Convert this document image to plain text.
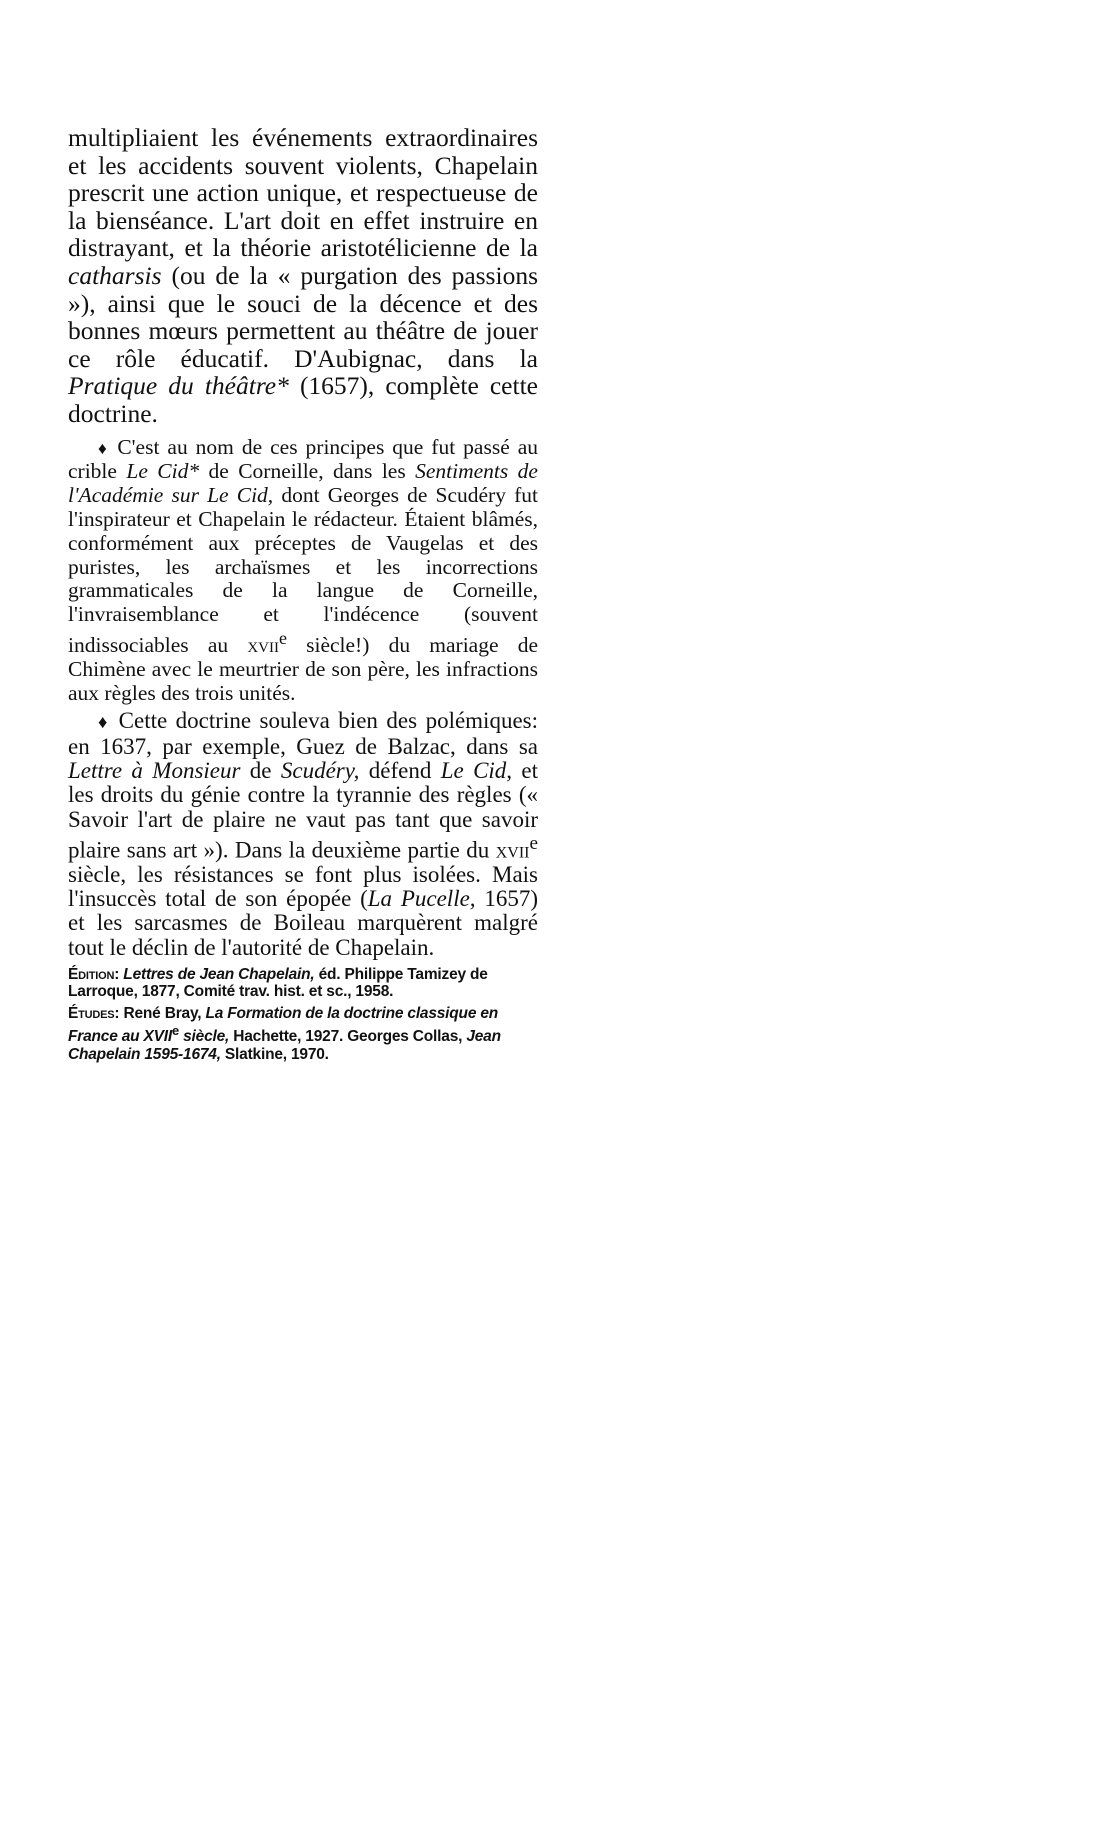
multipliaient les événements extraordinaires et les accidents souvent violents, Chapelain prescrit une action unique, et respectueuse de la bienséance. L'art doit en effet instruire en distrayant, et la théorie aristotélicienne de la catharsis (ou de la « purgation des passions »), ainsi que le souci de la décence et des bonnes mœurs permettent au théâtre de jouer ce rôle éducatif. D'Aubignac, dans la Pratique du théâtre* (1657), complète cette doctrine.

♦ C'est au nom de ces principes que fut passé au crible Le Cid* de Corneille, dans les Sentiments de l'Académie sur Le Cid, dont Georges de Scudéry fut l'inspirateur et Chapelain le rédacteur. Étaient blâmés, conformément aux préceptes de Vaugelas et des puristes, les archaïsmes et les incorrections grammaticales de la langue de Corneille, l'invraisemblance et l'indécence (souvent indissociables au xvii$^e$ siècle!) du mariage de Chimène avec le meurtrier de son père, les infractions aux règles des trois unités.

♦ Cette doctrine souleva bien des polémiques: en 1637, par exemple, Guez de Balzac, dans sa Lettre à Monsieur de Scudéry, défend Le Cid, et les droits du génie contre la tyrannie des règles (« Savoir l'art de plaire ne vaut pas tant que savoir plaire sans art »). Dans la deuxième partie du xvii$^e$ siècle, les résistances se font plus isolées. Mais l'insuccès total de son épopée (La Pucelle, 1657) et les sarcasmes de Boileau marquèrent malgré tout le déclin de l'autorité de Chapelain.

Édition: Lettres de Jean Chapelain, éd. Philippe Tamizey de Larroque, 1877, Comité trav. hist. et sc., 1958.

Études: René Bray, La Formation de la doctrine classique en France au XVIIe siècle, Hachette, 1927. Georges Collas, Jean Chapelain 1595-1674, Slatkine, 1970.
